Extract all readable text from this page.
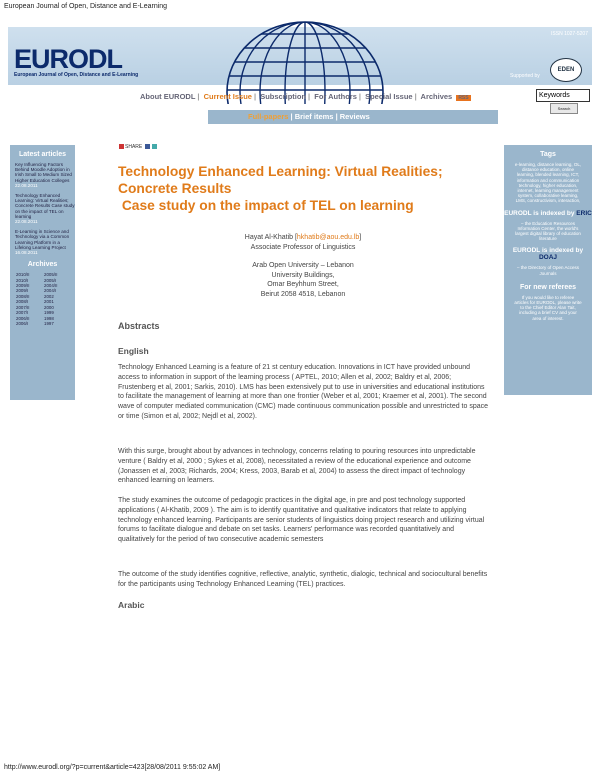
European Journal of Open, Distance and E-Learning
EURODL
European Journal of Open, Distance and E-Learning
ISSN 1027-5207
Supported by
EDEN
Keywords
Search
About EURODL | Current Issue | Subscription | For Authors | Special Issue | Archives RSS
Full-papers | Brief items | Reviews
Latest articles
Key Influencing Factors Behind Moodle Adoption in Irish Small to Medium Sized Higher Education Colleges
22.08.2011
Technology Enhanced Learning: Virtual Realities; Concrete Results Case study on the impact of TEL on learning
22.08.2011
E-Learning in Science and Technology via a Common Learning Platform in a Lifelong Learning Project
16.08.2011
Archives
2010/II	2005/II
2010/I	2005/I
2009/II	2004/II
2009/I	2004/I
2008/II	2002
2008/I	2001
2007/II	2000
2007/I	1999
2006/II	1998
2006/I	1997
Tags
e-learning, distance learning, OL, distance education, online learning, blended learning, ICT, information and communication technology, higher education, internet, learning management system, collaborative learning, LMS, constructivism, interaction,
EURODL is indexed by ERIC
– the Education Resources Information Center, the world's largest digital library of education literature
EURODL is indexed by DOAJ
– the Directory of Open Access Journals
For new referees
If you would like to referee articles for EURODL, please write to the Chief Editor Alan Tait, including a brief CV and your area of interest.
SHARE
Technology Enhanced Learning: Virtual Realities;
Concrete Results
Case study on the impact of TEL on learning
Hayat Al-Khatib [hkhatib@aou.edu.lb]
Associate Professor of Linguistics
Arab Open University – Lebanon
University Buildings,
Omar Beyhhum Street,
Beirut 2058 4518, Lebanon
Abstracts
English
Technology Enhanced Learning is a feature of 21 st century education. Innovations in ICT have provided unbound access to information in support of the learning process ( APTEL, 2010; Allen et al, 2002; Baldry et al, 2006; Frustenberg et al, 2001; Sarkis, 2010). LMS has been extensively put to use in universities and educational institutions to facilitate the management of learning at more than one frontier (Weber et al, 2001; Kraemer et al, 2001). The second wave of computer mediated communication (CMC) made continuous communication possible and unrestricted to space or time (Simon et al, 2002; Nejdl et al, 2002).
With this surge, brought about by advances in technology, concerns relating to pouring resources into unpredictable venture ( Baldry et al, 2000 ; Sykes et al, 2008), necessitated a review of the educational experience and outcome (Jonassen et al, 2003; Richards, 2004; Kress, 2003, Barab et al, 2004) to assess the direct impact of technology enhanced learning on learners.
The study examines the outcome of pedagogic practices in the digital age, in pre and post technology supported applications ( Al-Khatib, 2009 ). The aim is to identify quantitative and qualitative indicators that relate to applying technology enhanced learning. Participants are senior students of linguistics doing project research and utilizing virtual forums to facilitate dialogue and debate on set tasks. Learners' performance was recorded quantitatively and qualitatively for the period of two consecutive academic semesters
The outcome of the study identifies cognitive, reflective, analytic, synthetic, dialogic, technical and sociocultural benefits for the participants using Technology Enhanced Learning (TEL) practices.
Arabic
http://www.eurodl.org/?p=current&article=423[28/08/2011 9:55:02 AM]
